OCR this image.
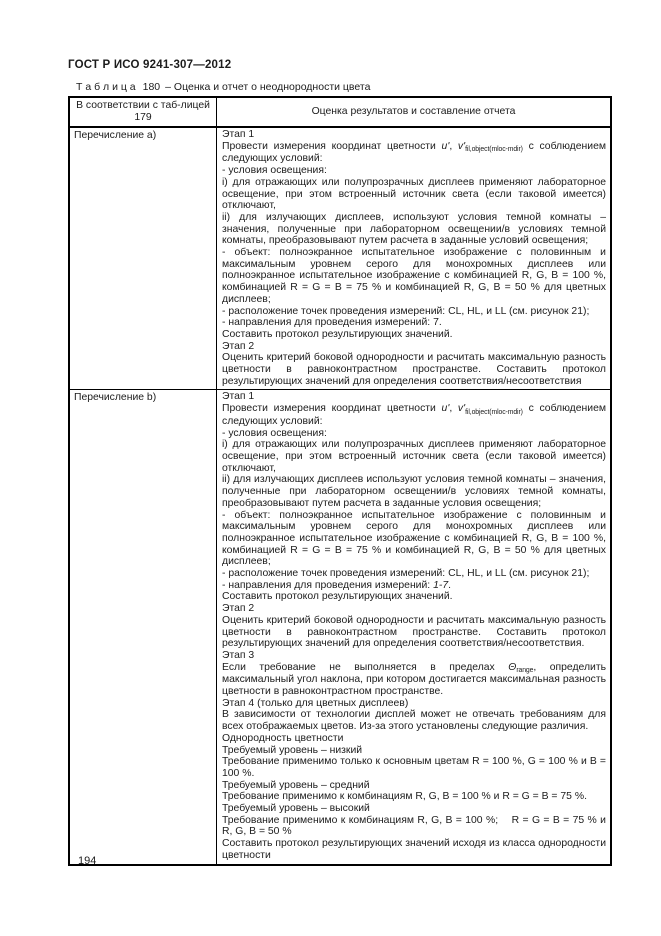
ГОСТ Р ИСО 9241-307—2012
Т а б л и ц а 180 – Оценка и отчет о неоднородности цвета
В соответствии с таб-лицей 179	Оценка результатов и составление отчета
Перечисление а)	Этап 1
Провести измерения координат цветности u', $v'_{fil,object(mloc-mdir)}$ с соблюдением следующих условий:
- условия освещения:
i) для отражающих или полупрозрачных дисплеев применяют лабораторное освещение, при этом встроенный источник света (если таковой имеется) отключают,
ii) для излучающих дисплеев, используют условия темной комнаты – значения, полученные при лабораторном освещении/в условиях темной комнаты, преобразовывают путем расчета в заданные условий освещения;
- объект: полноэкранное испытательное изображение с половинным и максимальным уровнем серого для монохромных дисплеев или полноэкранное испытательное изображение с комбинацией R, G, B = 100 %, комбинацией R = G = B = 75 % и комбинацией R, G, B = 50 % для цветных дисплеев;
- расположение точек проведения измерений: CL, HL, и LL (см. рисунок 21);
- направления для проведения измерений: 7.
Составить протокол результирующих значений.
Этап 2
Оценить критерий боковой однородности и расчитать максимальную разность цветности в равноконтрастном пространстве. Составить протокол результирующих значений для определения соответствия/несоответствия

Перечисление b)	Этап 1
Провести измерения координат цветности u', $v'_{fil,object(mloc-mdir)}$ с соблюдением следующих условий:
- условия освещения:
i) для отражающих или полупрозрачных дисплеев применяют лабораторное освещение, при этом встроенный источник света (если таковой имеется) отключают,
ii) для излучающих дисплеев используют условия темной комнаты – значения, полученные при лабораторном освещении/в условиях темной комнаты, преобразовывают путем расчета в заданные условия освещения;
- объект: полноэкранное испытательное изображение с половинным и максимальным уровнем серого для монохромных дисплеев или полноэкранное испытательное изображение с комбинацией R, G, B = 100 %, комбинацией R = G = B = 75 % и комбинацией R, G, B = 50 % для цветных дисплеев;
- расположение точек проведения измерений: CL, HL, и LL (см. рисунок 21);
- направления для проведения измерений: 1-7.
Составить протокол результирующих значений.
Этап 2
Оценить критерий боковой однородности и расчитать максимальную разность цветности в равноконтрастном пространстве. Составить протокол результирующих значений для определения соответствия/несоответствия.
Этап 3
Если требование не выполняется в пределах $\Theta_{range}$, определить максимальный угол наклона, при котором достигается максимальная разность цветности в равноконтрастном пространстве.
Этап 4 (только для цветных дисплеев)
В зависимости от технологии дисплей может не отвечать требованиям для всех отображаемых цветов. Из-за этого установлены следующие различия.
Однородность цветности
Требуемый уровень – низкий
Требование применимо только к основным цветам R = 100 %, G = 100 % и B = 100 %.
Требуемый уровень – средний
Требование применимо к комбинациям R, G, B = 100 % и R = G = B = 75 %.
Требуемый уровень – высокий
Требование применимо к комбинациям R, G, B = 100 %;    R = G = B = 75 % и R, G, B = 50 %
Составить протокол результирующих значений исходя из класса однородности цветности
194
